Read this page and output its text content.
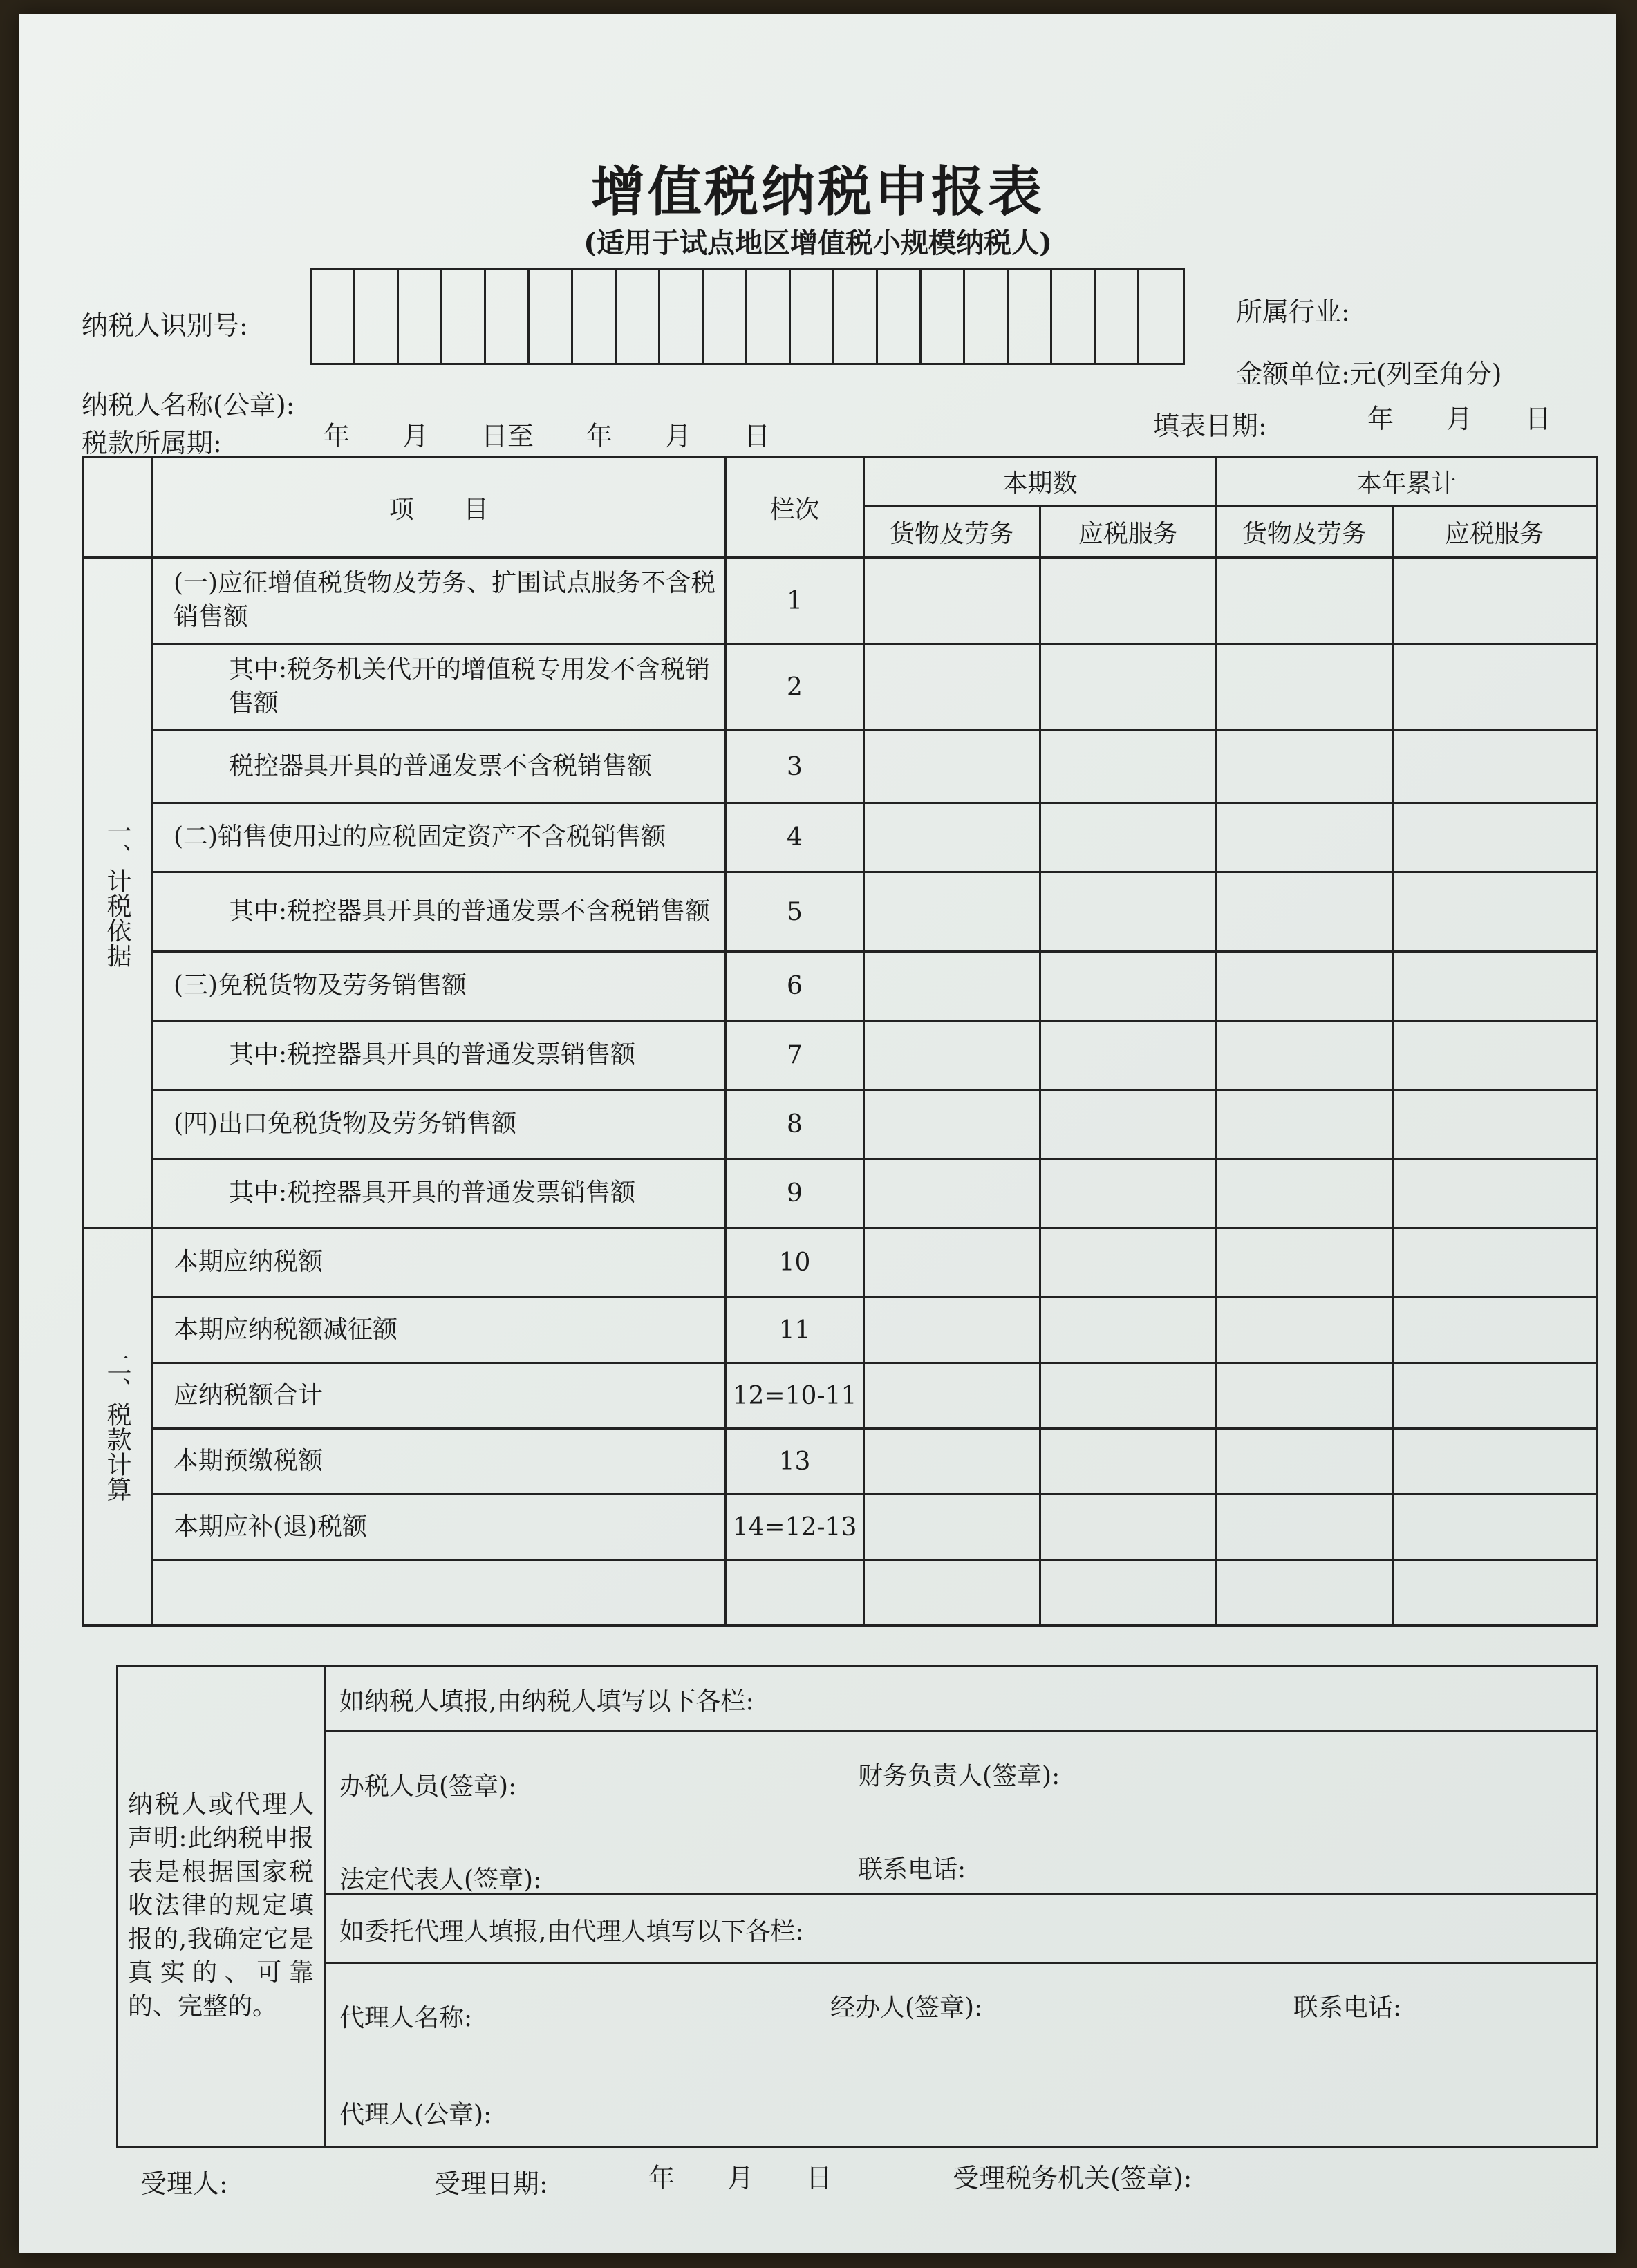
增值税纳税申报表
(适用于试点地区增值税小规模纳税人)
纳税人识别号:	所属行业:
金额单位:元(列至角分)
纳税人名称(公章):
税款所属期:	年　　月　　日至　　年　　月　　日	填表日期:	年　　月　　日
	项　　目	栏次	本期数		本年累计	
			货物及劳务	应税服务	货物及劳务	应税服务
一、计税依据	(一)应征增值税货物及劳务、扩围试点服务不含税销售额	1				
	其中:税务机关代开的增值税专用发不含税销售额	2				
	税控器具开具的普通发票不含税销售额	3				
	(二)销售使用过的应税固定资产不含税销售额	4				
	其中:税控器具开具的普通发票不含税销售额	5				
	(三)免税货物及劳务销售额	6				
	其中:税控器具开具的普通发票销售额	7				
	(四)出口免税货物及劳务销售额	8				
	其中:税控器具开具的普通发票销售额	9				
二、税款计算	本期应纳税额	10				
	本期应纳税额减征额	11				
	应纳税额合计	12=10-11				
	本期预缴税额	13				
	本期应补(退)税额	14=12-13				

纳税人或代理人声明:此纳税申报表是根据国家税收法律的规定填报的,我确定它是真实的、可靠的、完整的。	
如纳税人填报,由纳税人填写以下各栏:

办税人员(签章):	财务负责人(签章):
法定代表人(签章):	联系电话:

如委托代理人填报,由代理人填写以下各栏:

代理人名称:	经办人(签章):	联系电话:
代理人(公章):
受理人:	受理日期:	年　　月　　日	受理税务机关(签章):
